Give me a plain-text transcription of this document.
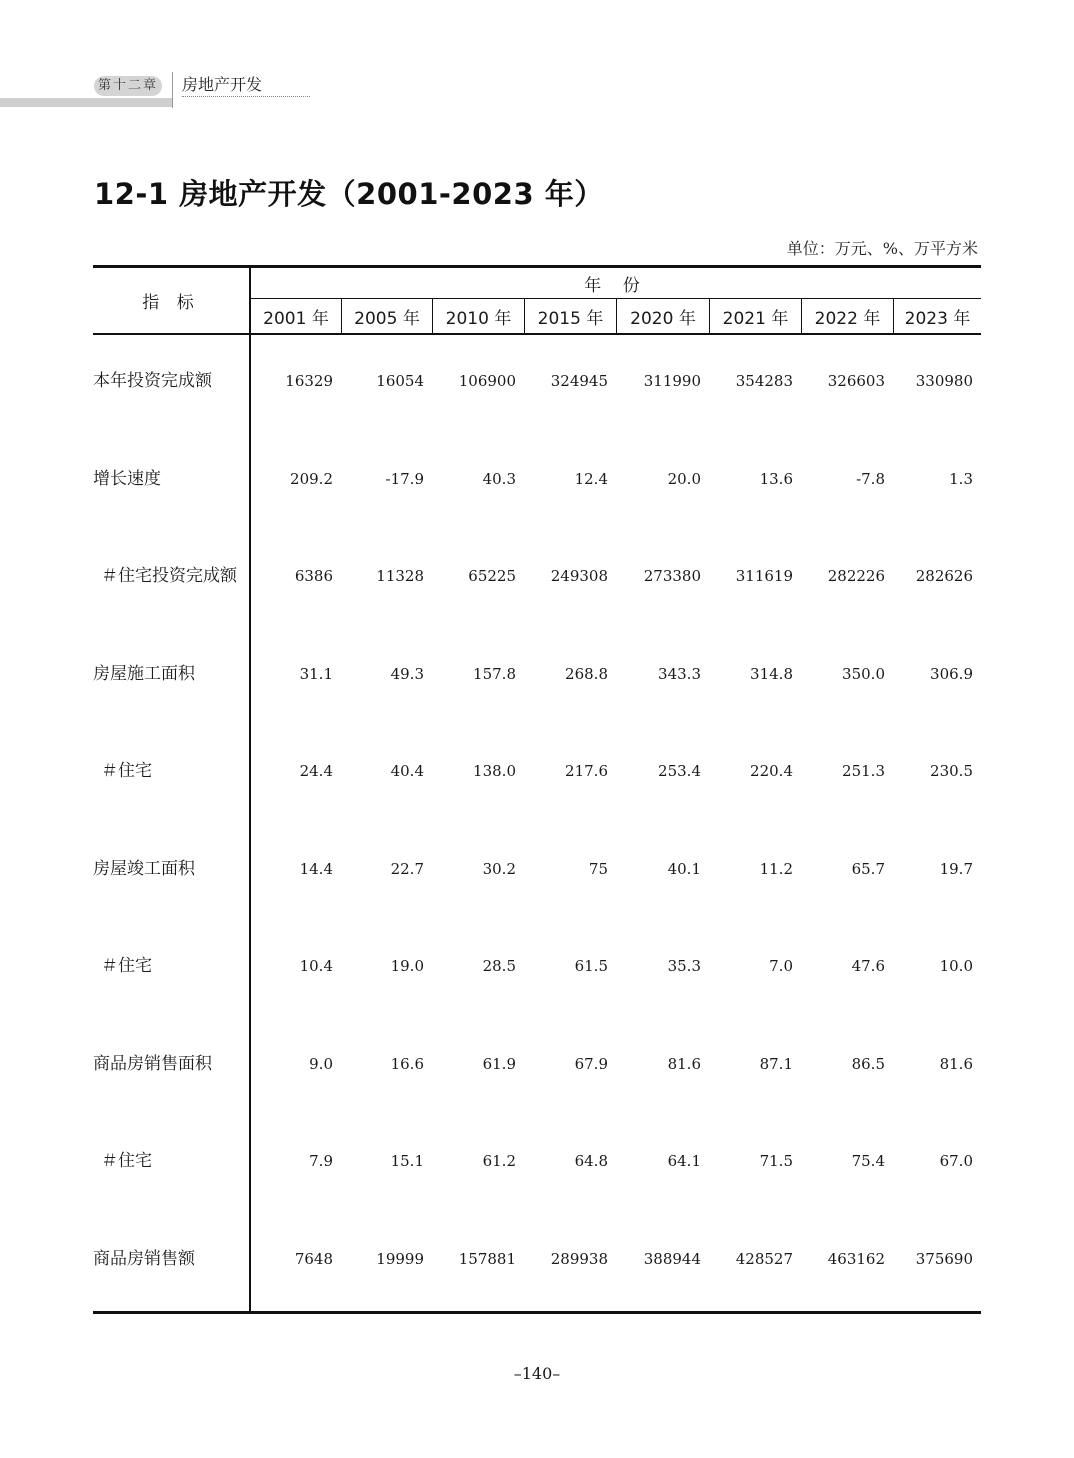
第十二章 房地产开发
12-1 房地产开发（2001-2023 年）
单位：万元、%、万平方米
指 标
年 份
2001 年	2005 年	2010 年	2015 年	2020 年	2021 年	2022 年	2023 年
本年投资完成额	16329	16054	106900	324945	311990	354283	326603	330980
增长速度	209.2	-17.9	40.3	12.4	20.0	13.6	-7.8	1.3
＃住宅投资完成额	6386	11328	65225	249308	273380	311619	282226	282626
房屋施工面积	31.1	49.3	157.8	268.8	343.3	314.8	350.0	306.9
＃住宅	24.4	40.4	138.0	217.6	253.4	220.4	251.3	230.5
房屋竣工面积	14.4	22.7	30.2	75	40.1	11.2	65.7	19.7
＃住宅	10.4	19.0	28.5	61.5	35.3	7.0	47.6	10.0
商品房销售面积	9.0	16.6	61.9	67.9	81.6	87.1	86.5	81.6
＃住宅	7.9	15.1	61.2	64.8	64.1	71.5	75.4	67.0
商品房销售额	7648	19999	157881	289938	388944	428527	463162	375690
–140–
